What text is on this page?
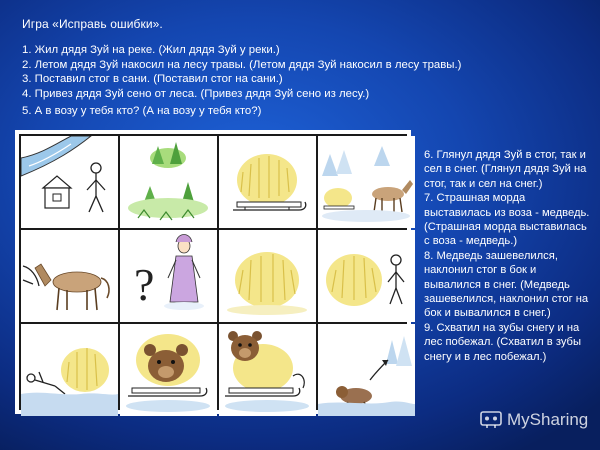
Игра «Исправь ошибки».
1. Жил дядя Зуй на реке. (Жил дядя Зуй у реки.)
2. Летом дядя Зуй накосил на лесу травы. (Летом дядя Зуй накосил в лесу травы.)
3. Поставил стог в сани. (Поставил стог на сани.)
4. Привез дядя Зуй сено от леса. (Привез дядя Зуй сено из лесу.)
5. А в возу у тебя кто? (А на возу у тебя кто?)
?

6. Глянул дядя Зуй в стог, так и сел в снег. (Глянул дядя Зуй на стог, так и сел на снег.)

7. Страшная морда выставилась из воза - медведь. (Страшная морда выставилась с воза - медведь.)

8. Медведь зашевелился, наклонил стог в бок и вывалился в снег. (Медведь зашевелился, наклонил стог на бок и вывалился в снег.)

9. Схватил на зубы снегу и на лес побежал. (Схватил в зубы снегу и в лес побежал.)

MySharing
